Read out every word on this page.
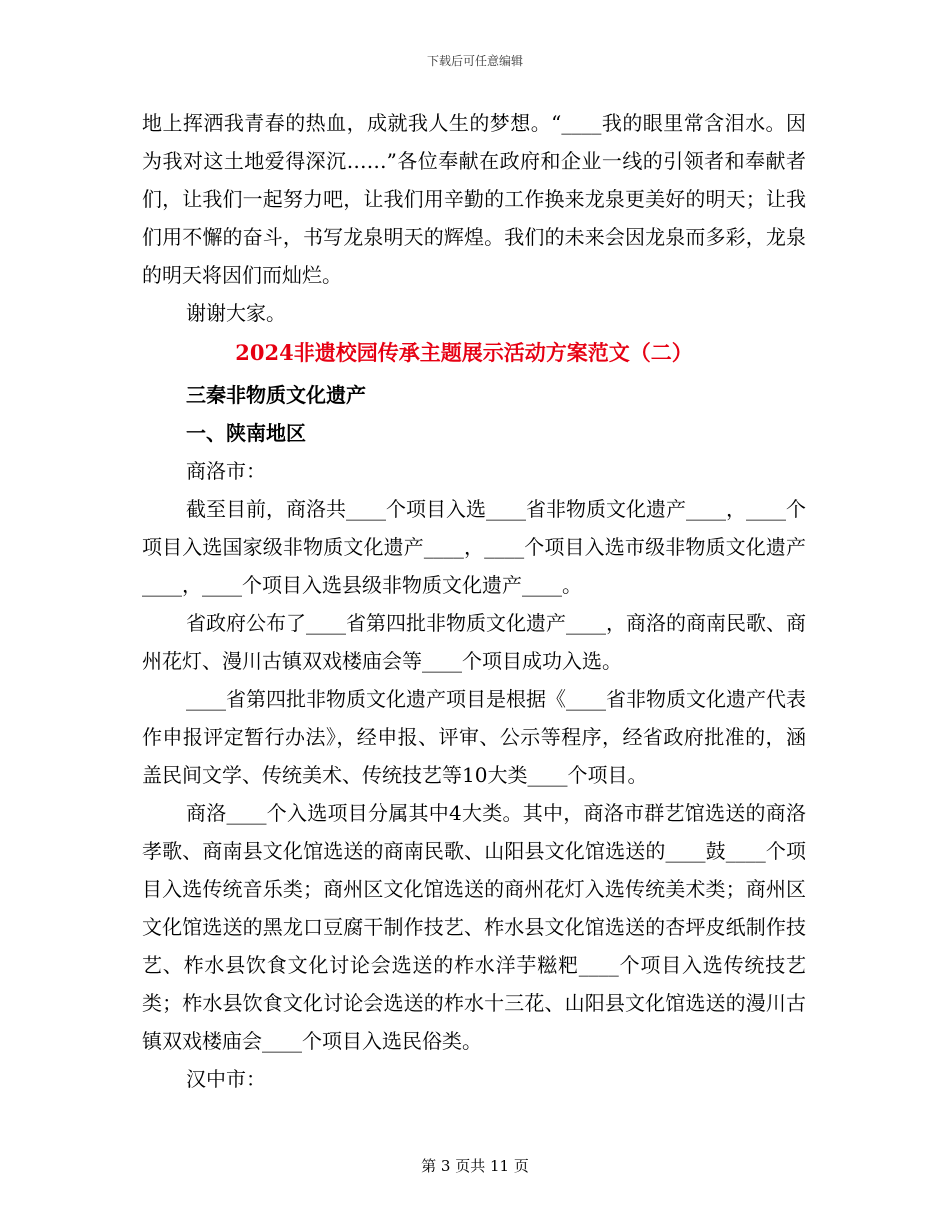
下载后可任意编辑

地上挥洒我青春的热血，成就我人生的梦想。“____我的眼里常含泪水。因为我对这土地爱得深沉……”各位奉献在政府和企业一线的引领者和奉献者们，让我们一起努力吧，让我们用辛勤的工作换来龙泉更美好的明天；让我们用不懈的奋斗，书写龙泉明天的辉煌。我们的未来会因龙泉而多彩，龙泉的明天将因们而灿烂。

谢谢大家。

2024非遗校园传承主题展示活动方案范文（二）

三秦非物质文化遗产

一、陕南地区

商洛市：

截至目前，商洛共____个项目入选____省非物质文化遗产____，____个项目入选国家级非物质文化遗产____，____个项目入选市级非物质文化遗产____，____个项目入选县级非物质文化遗产____。

省政府公布了____省第四批非物质文化遗产____，商洛的商南民歌、商州花灯、漫川古镇双戏楼庙会等____个项目成功入选。

____省第四批非物质文化遗产项目是根据《____省非物质文化遗产代表作申报评定暂行办法》，经申报、评审、公示等程序，经省政府批准的，涵盖民间文学、传统美术、传统技艺等10大类____个项目。

商洛____个入选项目分属其中4大类。其中，商洛市群艺馆选送的商洛孝歌、商南县文化馆选送的商南民歌、山阳县文化馆选送的____鼓____个项目入选传统音乐类；商州区文化馆选送的商州花灯入选传统美术类；商州区文化馆选送的黑龙口豆腐干制作技艺、柞水县文化馆选送的杏坪皮纸制作技艺、柞水县饮食文化讨论会选送的柞水洋芋糍粑____个项目入选传统技艺类；柞水县饮食文化讨论会选送的柞水十三花、山阳县文化馆选送的漫川古镇双戏楼庙会____个项目入选民俗类。

汉中市：

第 3 页共 11 页
